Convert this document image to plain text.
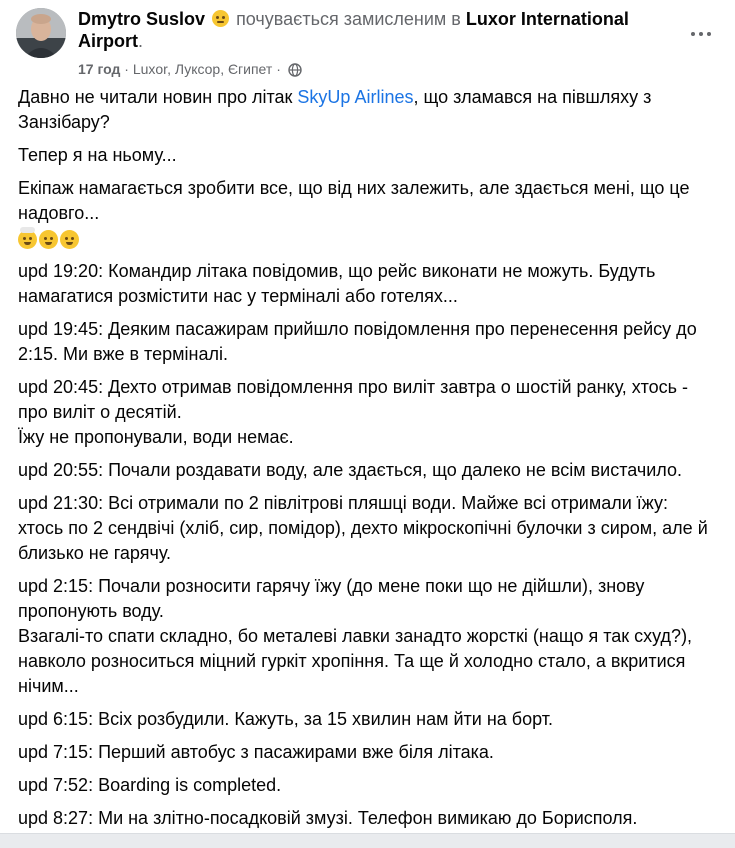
Dmytro Suslov почувається замисленим в Luxor International Airport.
17 год · Luxor, Луксор, Єгипет ·

Давно не читали новин про літак SkyUp Airlines, що зламався на півшляху з Занзібару?

Тепер я на ньому...

Екіпаж намагається зробити все, що від них залежить, але здається мені, що це надовго...

upd 19:20: Командир літака повідомив, що рейс виконати не можуть. Будуть намагатися розмістити нас у терміналі або готелях...

upd 19:45: Деяким пасажирам прийшло повідомлення про перенесення рейсу до 2:15. Ми вже в терміналі.

upd 20:45: Дехто отримав повідомлення про виліт завтра о шостій ранку, хтось - про виліт о десятій.
Їжу не пропонували, води немає.

upd 20:55: Почали роздавати воду, але здається, що далеко не всім вистачило.

upd 21:30: Всі отримали по 2 півлітрові пляшці води. Майже всі отримали їжу: хтось по 2 сендвічі (хліб, сир, помідор), дехто мікроскопічні булочки з сиром, але й близько не гарячу.

upd 2:15: Почали розносити гарячу їжу (до мене поки що не дійшли), знову пропонують воду.
Взагалі-то спати складно, бо металеві лавки занадто жорсткі (нащо я так схуд?), навколо розноситься міцний гуркіт хропіння. Та ще й холодно стало, а вкритися нічим...

upd 6:15: Всіх розбудили. Кажуть, за 15 хвилин нам йти на борт.

upd 7:15: Перший автобус з пасажирами вже біля літака.

upd 7:52: Boarding is completed.

upd 8:27: Ми на злітно-посадковій змузі. Телефон вимикаю до Борисполя.
